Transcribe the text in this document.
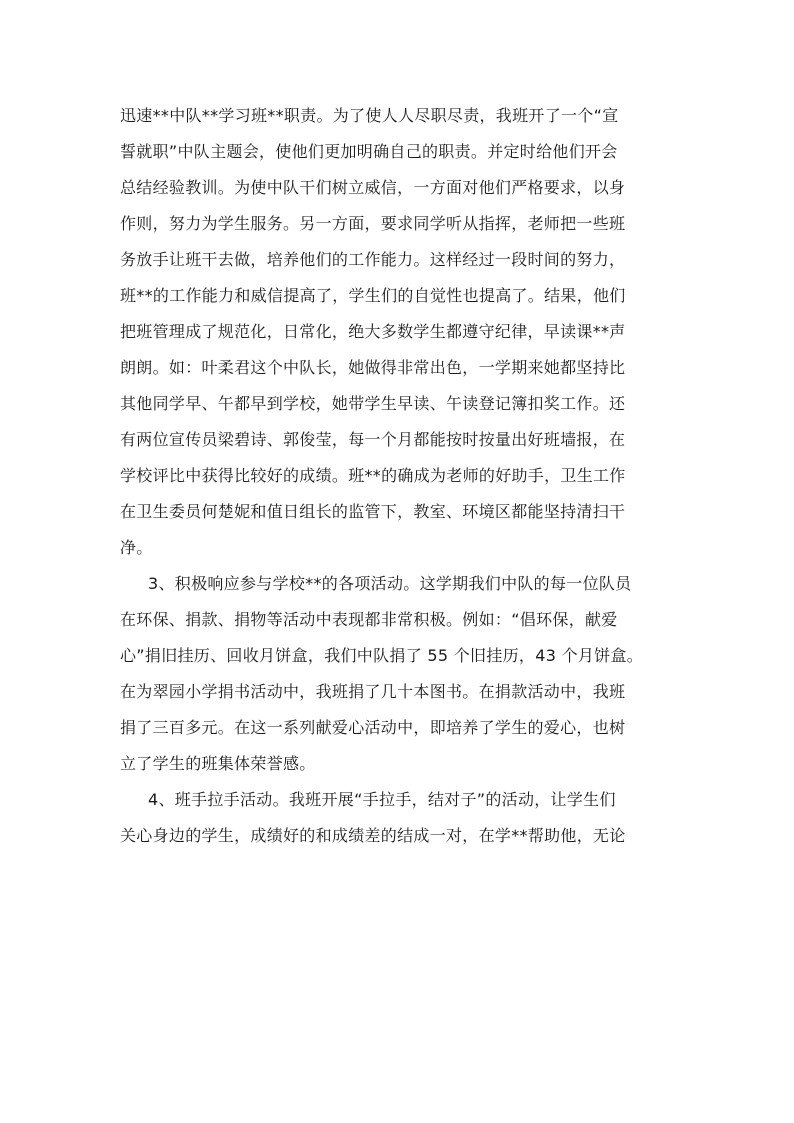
迅速**中队**学习班**职责。为了使人人尽职尽责，我班开了一个“宣
誓就职”中队主题会，使他们更加明确自己的职责。并定时给他们开会
总结经验教训。为使中队干们树立威信，一方面对他们严格要求，以身
作则，努力为学生服务。另一方面，要求同学听从指挥，老师把一些班
务放手让班干去做，培养他们的工作能力。这样经过一段时间的努力，
班**的工作能力和威信提高了，学生们的自觉性也提高了。结果，他们
把班管理成了规范化，日常化，绝大多数学生都遵守纪律，早读课**声
朗朗。如：叶柔君这个中队长，她做得非常出色，一学期来她都坚持比
其他同学早、午都早到学校，她带学生早读、午读登记簿扣奖工作。还
有两位宣传员梁碧诗、郭俊莹，每一个月都能按时按量出好班墙报，在
学校评比中获得比较好的成绩。班**的确成为老师的好助手，卫生工作
在卫生委员何楚妮和值日组长的监管下，教室、环境区都能坚持清扫干
净。
3、积极响应参与学校**的各项活动。这学期我们中队的每一位队员
在环保、捐款、捐物等活动中表现都非常积极。例如：“倡环保，献爱
心”捐旧挂历、回收月饼盒，我们中队捐了 55 个旧挂历，43 个月饼盒。
在为翠园小学捐书活动中，我班捐了几十本图书。在捐款活动中，我班
捐了三百多元。在这一系列献爱心活动中，即培养了学生的爱心，也树
立了学生的班集体荣誉感。
4、班手拉手活动。我班开展“手拉手，结对子”的活动，让学生们
关心身边的学生，成绩好的和成绩差的结成一对，在学**帮助他，无论
